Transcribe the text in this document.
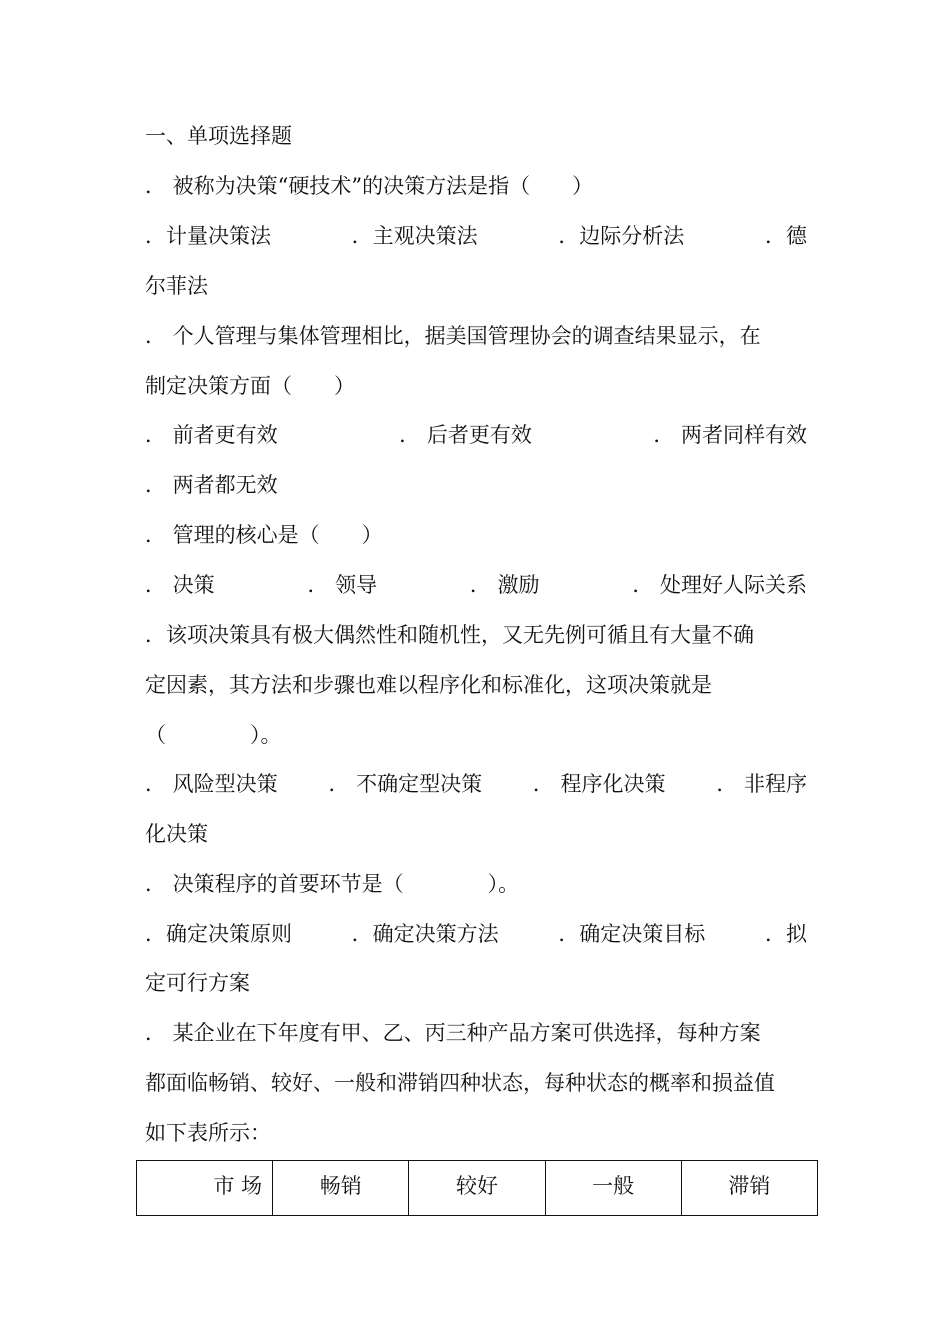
一、单项选择题
． 被称为决策“硬技术”的决策方法是指（　　）
．计量决策法	．主观决策法	．边际分析法	．德
尔菲法
． 个人管理与集体管理相比，据美国管理协会的调查结果显示，在
制定决策方面（　　）
． 前者更有效	． 后者更有效	． 两者同样有效
． 两者都无效
． 管理的核心是（　　）
． 决策	． 领导	． 激励	． 处理好人际关系
．该项决策具有极大偶然性和随机性，又无先例可循且有大量不确
定因素，其方法和步骤也难以程序化和标准化，这项决策就是
（　　　　）。
． 风险型决策 ． 不确定型决策 ． 程序化决策 ． 非程序
化决策
． 决策程序的首要环节是（　　　　）。
．确定决策原则	．确定决策方法	．确定决策目标	．拟
定可行方案
． 某企业在下年度有甲、乙、丙三种产品方案可供选择，每种方案
都面临畅销、较好、一般和滞销四种状态，每种状态的概率和损益值
如下表所示：
市 场	畅销	较好	一般	滞销
